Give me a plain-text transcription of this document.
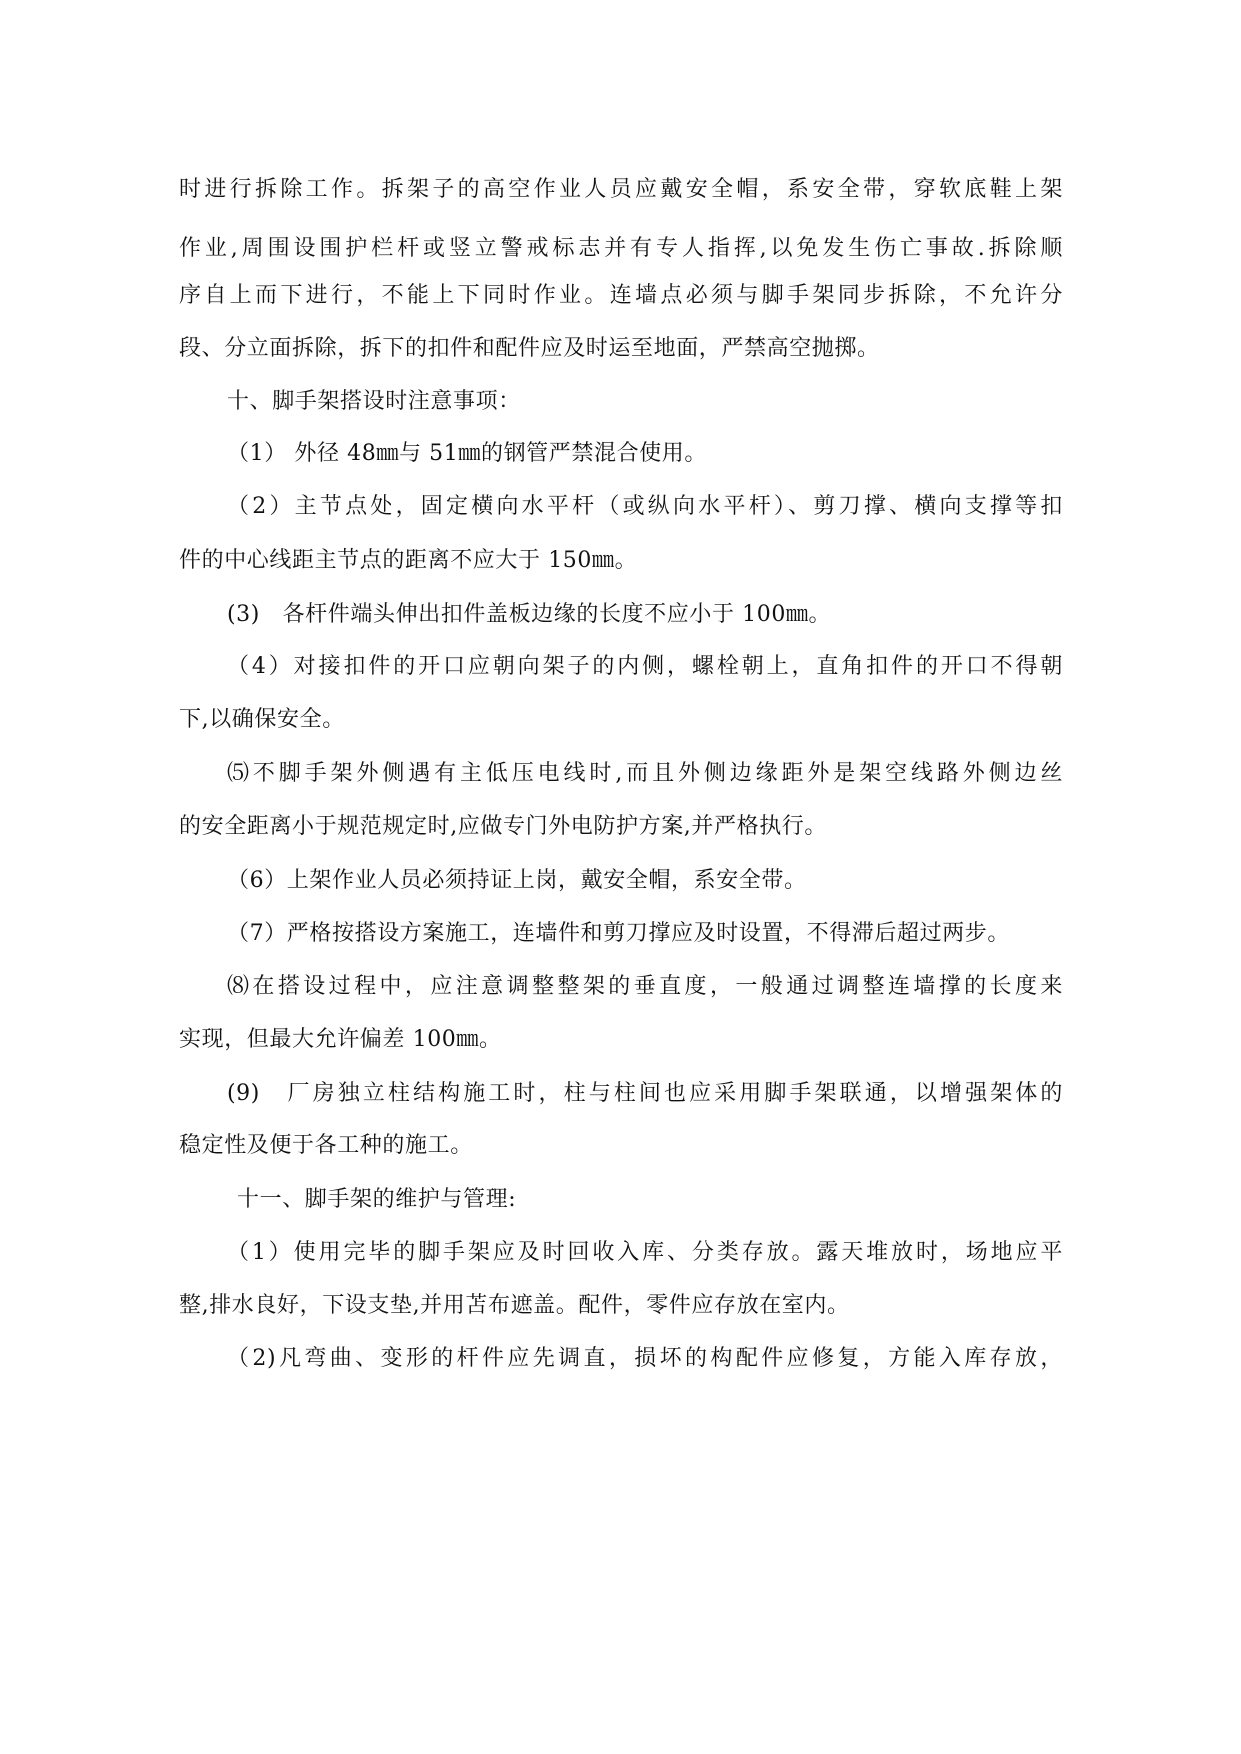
时进行拆除工作。拆架子的高空作业人员应戴安全帽，系安全带，穿软底鞋上架
作业,周围设围护栏杆或竖立警戒标志并有专人指挥,以免发生伤亡事故.拆除顺
序自上而下进行，不能上下同时作业。连墙点必须与脚手架同步拆除，不允许分
段、分立面拆除，拆下的扣件和配件应及时运至地面，严禁高空抛掷。
十、脚手架搭设时注意事项：
（1） 外径 48㎜与 51㎜的钢管严禁混合使用。
（2）主节点处，固定横向水平杆（或纵向水平杆）、剪刀撑、横向支撑等扣
件的中心线距主节点的距离不应大于 150㎜。
(3)　各杆件端头伸出扣件盖板边缘的长度不应小于 100㎜。
（4）对接扣件的开口应朝向架子的内侧，螺栓朝上，直角扣件的开口不得朝
下,以确保安全。
⑸不脚手架外侧遇有主低压电线时,而且外侧边缘距外是架空线路外侧边丝
的安全距离小于规范规定时,应做专门外电防护方案,并严格执行。
（6）上架作业人员必须持证上岗，戴安全帽，系安全带。
（7）严格按搭设方案施工，连墙件和剪刀撑应及时设置，不得滞后超过两步。
⑻在搭设过程中，应注意调整整架的垂直度，一般通过调整连墙撑的长度来
实现，但最大允许偏差 100㎜。
(9)　厂房独立柱结构施工时，柱与柱间也应采用脚手架联通，以增强架体的
稳定性及便于各工种的施工。
十一、脚手架的维护与管理:
（1）使用完毕的脚手架应及时回收入库、分类存放。露天堆放时，场地应平
整,排水良好，下设支垫,并用苫布遮盖。配件，零件应存放在室内。
（2)凡弯曲、变形的杆件应先调直，损坏的构配件应修复，方能入库存放，
